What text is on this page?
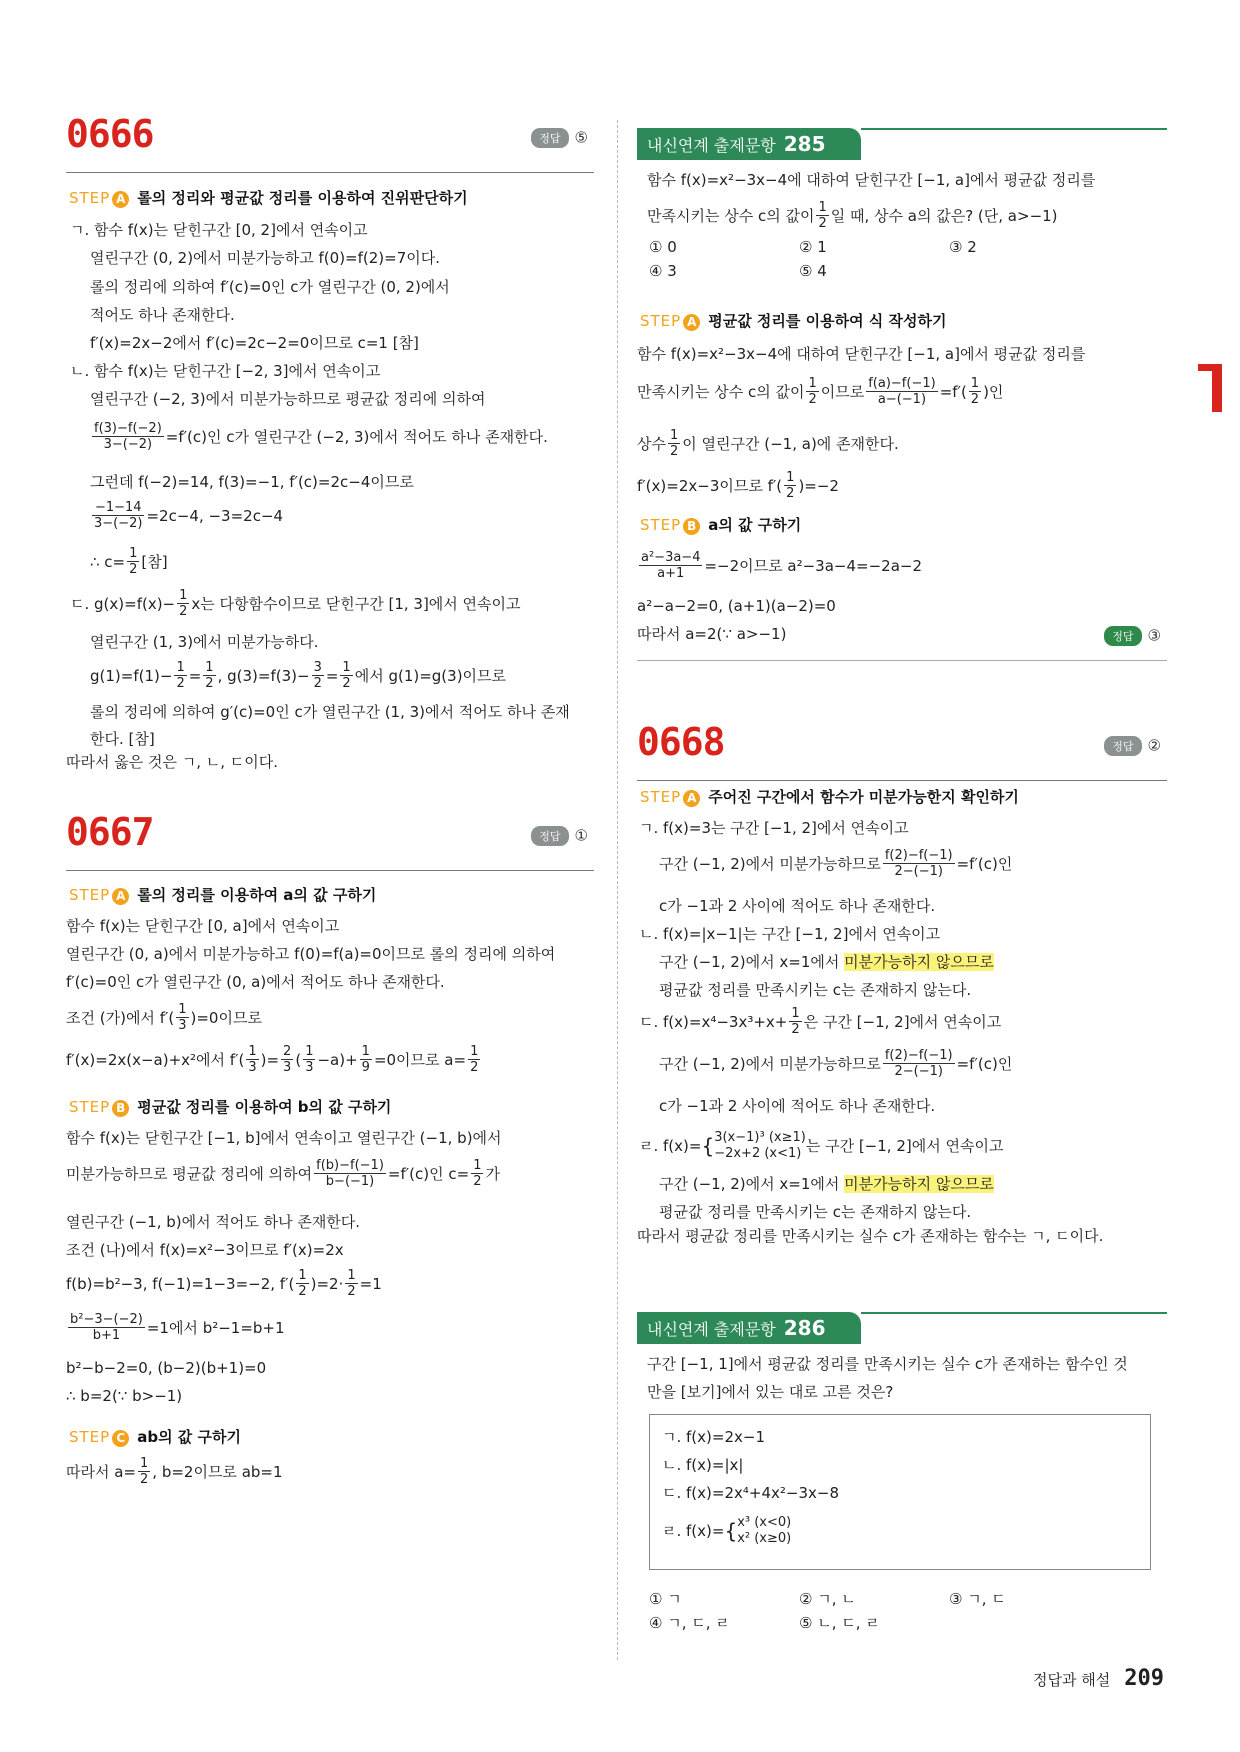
0666	정답 ⑤
STEP A 롤의 정리와 평균값 정리를 이용하여 진위판단하기
ㄱ. 함수 f(x)는 닫힌구간 [0, 2]에서 연속이고
열린구간 (0, 2)에서 미분가능하고 f(0)=f(2)=7이다.
롤의 정리에 의하여 f′(c)=0인 c가 열린구간 (0, 2)에서
적어도 하나 존재한다.
f′(x)=2x−2에서 f′(c)=2c−2=0이므로 c=1 [참]
ㄴ. 함수 f(x)는 닫힌구간 [−2, 3]에서 연속이고
열린구간 (−2, 3)에서 미분가능하므로 평균값 정리에 의하여
$\frac{f(3)-f(-2)}{3-(-2)} =f'(c)$인 c가 열린구간 (−2, 3)에서 적어도 하나 존재한다.
그런데 f(−2)=14, f(3)=−1, f′(c)=2c−4이므로
$\frac{-1-14}{3-(-2)} =2c-4$, −3=2c−4
∴ $c= \frac{1}{2}$ [참]
ㄷ. $g(x)=f(x)- \frac{1}{2}$ x는 다항함수이므로 닫힌구간 [1, 3]에서 연속이고
열린구간 (1, 3)에서 미분가능하다.
$g(1)=f(1)- \frac{1}{2} = \frac{1}{2}$ , $g(3)=f(3)- \frac{3}{2} = \frac{1}{2}$ 에서 g(1)=g(3)이므로
롤의 정리에 의하여 g′(c)=0인 c가 열린구간 (1, 3)에서 적어도 하나 존재
한다. [참]
따라서 옳은 것은 ㄱ, ㄴ, ㄷ이다.
0667	정답 ①
STEP A 롤의 정리를 이용하여 a의 값 구하기
함수 f(x)는 닫힌구간 [0, a]에서 연속이고
열린구간 (0, a)에서 미분가능하고 f(0)=f(a)=0이므로 롤의 정리에 의하여
f′(c)=0인 c가 열린구간 (0, a)에서 적어도 하나 존재한다.
조건 (가)에서 $f'( \frac{1}{3} )=0$이므로
f′(x)=2x(x−a)+x²에서 $f'( \frac{1}{3}$ )= $\frac{2}{3}$ ( $\frac{1}{3} -a)+ \frac{1}{9} =0$이므로 $a= \frac{1}{2}$
STEP B 평균값 정리를 이용하여 b의 값 구하기
함수 f(x)는 닫힌구간 [−1, b]에서 연속이고 열린구간 (−1, b)에서
미분가능하므로 평균값 정리에 의하여 $\frac{f(b)-f(-1)}{b-(-1)} =f'(c)$인 $c= \frac{1}{2}$ 가
열린구간 (−1, b)에서 적어도 하나 존재한다.
조건 (나)에서 f(x)=x²−3이므로 f′(x)=2x
f(b)=b²−3, f(−1)=1−3=−2, $f'( \frac{1}{2} )=2\cdot \frac{1}{2} =1$
$\frac{\text{b²−3−(−2)}}{b+1} =1$에서 b²−1=b+1
b²−b−2=0, (b−2)(b+1)=0
∴ b=2(∵ b>−1)
STEP C ab의 값 구하기
따라서 $a= \frac{1}{2}$ , b=2이므로 ab=1
내신연계 출제문항 285
함수 f(x)=x²−3x−4에 대하여 닫힌구간 [−1, a]에서 평균값 정리를
만족시키는 상수 c의 값이 $\frac{1}{2}$ 일 때, 상수 a의 값은? (단, a>−1)
① 0	② 1	③ 2
④ 3	⑤ 4
STEP A 평균값 정리를 이용하여 식 작성하기
함수 f(x)=x²−3x−4에 대하여 닫힌구간 [−1, a]에서 평균값 정리를
만족시키는 상수 c의 값이 $\frac{1}{2}$ 이므로 $\frac{f(a)-f(-1)}{a-(-1)} =f'( \frac{1}{2}$ )인
상수 $\frac{1}{2}$ 이 열린구간 (−1, a)에 존재한다.
f′(x)=2x−3이므로 $f'( \frac{1}{2} )=-2$
STEP B a의 값 구하기
$\frac{\text{a²−3a−4}}{a+1} =-2$이므로 a²−3a−4=−2a−2
a²−a−2=0, (a+1)(a−2)=0
따라서 a=2(∵ a>−1)	정답 ③
0668	정답 ②
STEP A 주어진 구간에서 함수가 미분가능한지 확인하기
ㄱ. f(x)=3는 구간 [−1, 2]에서 연속이고
구간 (−1, 2)에서 미분가능하므로 $\frac{f(2)-f(-1)}{2-(-1)} =f'(c)$인
c가 −1과 2 사이에 적어도 하나 존재한다.
ㄴ. f(x)=|x−1|는 구간 [−1, 2]에서 연속이고
구간 (−1, 2)에서 x=1에서 미분가능하지 않으므로
평균값 정리를 만족시키는 c는 존재하지 않는다.
ㄷ. $f(x)=x^4-3x^3+x+ \frac{1}{2}$ 은 구간 [−1, 2]에서 연속이고
구간 (−1, 2)에서 미분가능하므로 $\frac{f(2)-f(-1)}{2-(-1)} =f'(c)$인
c가 −1과 2 사이에 적어도 하나 존재한다.
ㄹ. f(x)={ 3(x−1)³ (x≥1)
−2x+2 (x<1) 는 구간 [−1, 2]에서 연속이고
구간 (−1, 2)에서 x=1에서 미분가능하지 않으므로
평균값 정리를 만족시키는 c는 존재하지 않는다.
따라서 평균값 정리를 만족시키는 실수 c가 존재하는 함수는 ㄱ, ㄷ이다.
내신연계 출제문항 286
구간 [−1, 1]에서 평균값 정리를 만족시키는 실수 c가 존재하는 함수인 것
만을 [보기]에서 있는 대로 고른 것은?
ㄱ. f(x)=2x−1
ㄴ. f(x)=|x|
ㄷ. f(x)=2x⁴+4x²−3x−8
ㄹ. f(x)={ x³ (x<0)
x² (x≥0)
① ㄱ	② ㄱ, ㄴ	③ ㄱ, ㄷ
④ ㄱ, ㄷ, ㄹ	⑤ ㄴ, ㄷ, ㄹ
정답과 해설 209
